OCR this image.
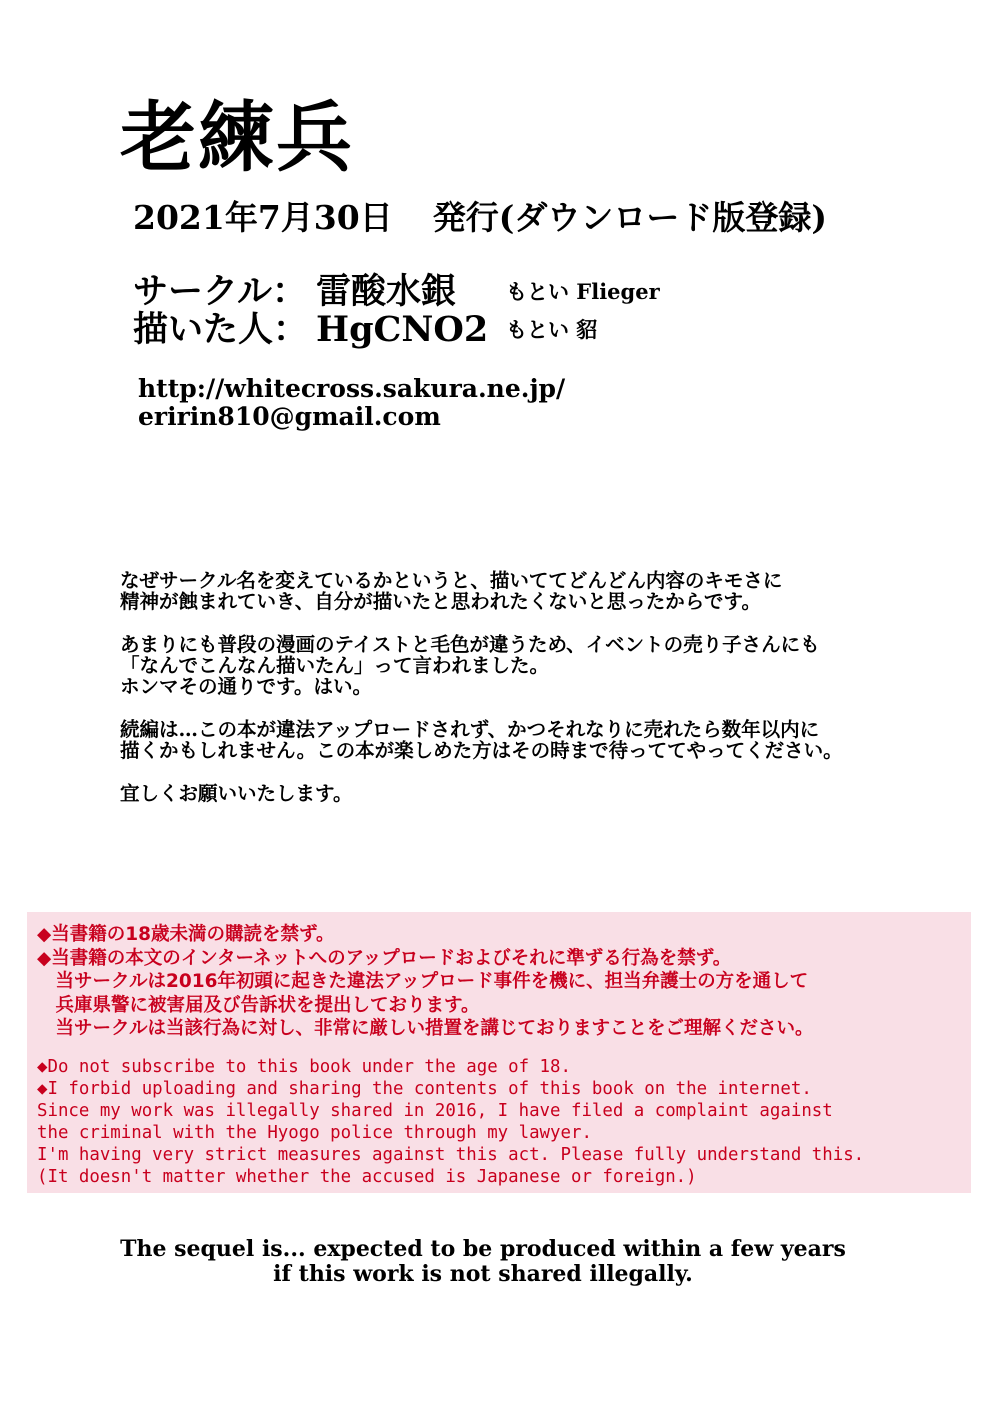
老練兵
2021年7月30日 発行(ダウンロード版登録)
サークル： 雷酸水銀 もとい Flieger
描いた人： HgCNO2 もとい 貂
http://whitecross.sakura.ne.jp/
eririn810@gmail.com

なぜサークル名を変えているかというと、描いててどんどん内容のキモさに
精神が蝕まれていき、自分が描いたと思われたくないと思ったからです。

あまりにも普段の漫画のテイストと毛色が違うため、イベントの売り子さんにも
「なんでこんなん描いたん」って言われました。
ホンマその通りです。はい。

続編は…この本が違法アップロードされず、かつそれなりに売れたら数年以内に
描くかもしれません。この本が楽しめた方はその時まで待っててやってください。

宜しくお願いいたします。

◆当書籍の18歳未満の購読を禁ず。
◆当書籍の本文のインターネットへのアップロードおよびそれに準ずる行為を禁ず。
　当サークルは2016年初頭に起きた違法アップロード事件を機に、担当弁護士の方を通して
　兵庫県警に被害届及び告訴状を提出しております。
　当サークルは当該行為に対し、非常に厳しい措置を講じておりますことをご理解ください。
◆Do not subscribe to this book under the age of 18.
◆I forbid uploading and sharing the contents of this book on the internet.
Since my work was illegally shared in 2016, I have filed a complaint against
the criminal with the Hyogo police through my lawyer.
I'm having very strict measures against this act. Please fully understand this.
(It doesn't matter whether the accused is Japanese or foreign.)
The sequel is... expected to be produced within a few years
if this work is not shared illegally.
